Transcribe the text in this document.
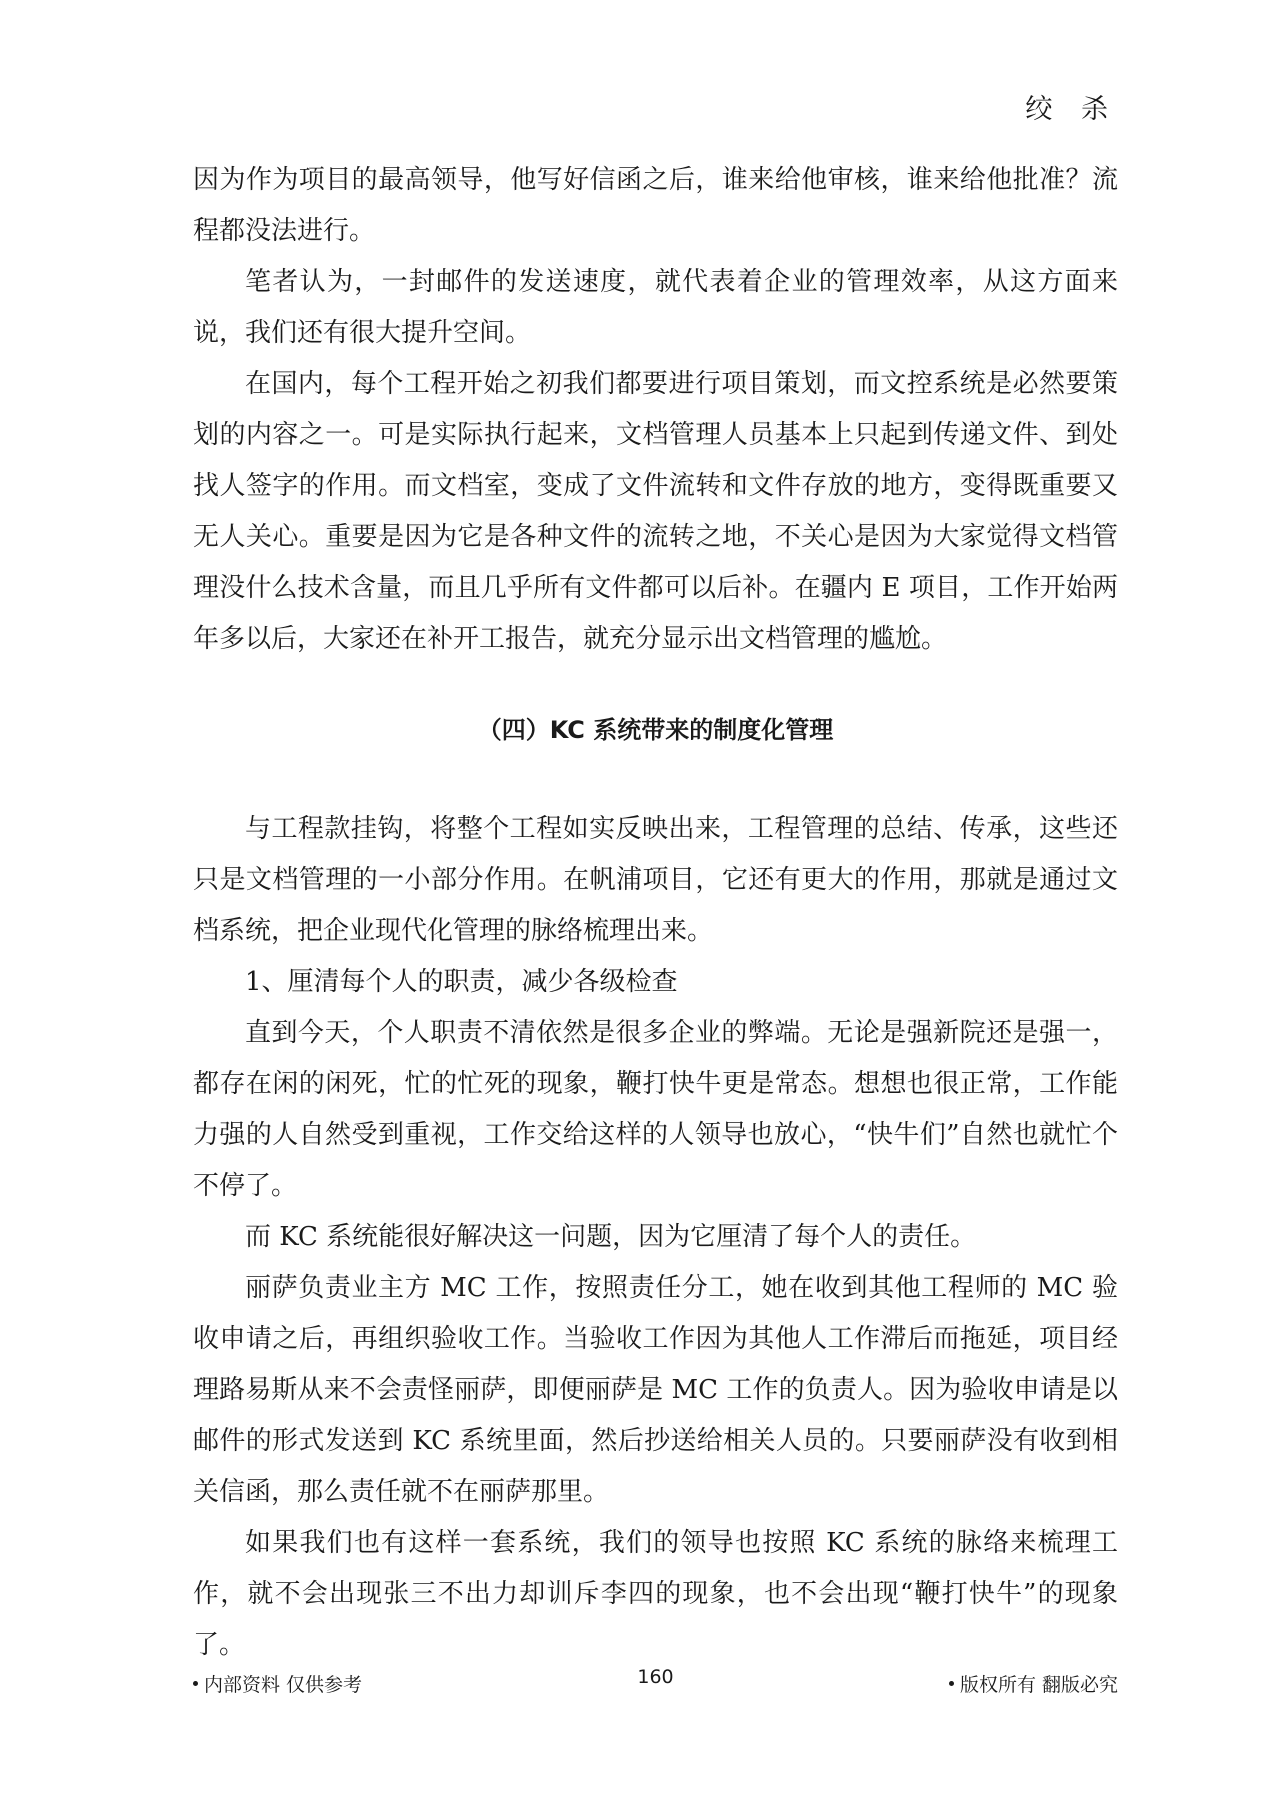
绞 杀

因为作为项目的最高领导，他写好信函之后，谁来给他审核，谁来给他批准？流程都没法进行。

笔者认为，一封邮件的发送速度，就代表着企业的管理效率，从这方面来说，我们还有很大提升空间。

在国内，每个工程开始之初我们都要进行项目策划，而文控系统是必然要策划的内容之一。可是实际执行起来，文档管理人员基本上只起到传递文件、到处找人签字的作用。而文档室，变成了文件流转和文件存放的地方，变得既重要又无人关心。重要是因为它是各种文件的流转之地，不关心是因为大家觉得文档管理没什么技术含量，而且几乎所有文件都可以后补。在疆内 E 项目，工作开始两年多以后，大家还在补开工报告，就充分显示出文档管理的尴尬。

（四）KC 系统带来的制度化管理

与工程款挂钩，将整个工程如实反映出来，工程管理的总结、传承，这些还只是文档管理的一小部分作用。在帆浦项目，它还有更大的作用，那就是通过文档系统，把企业现代化管理的脉络梳理出来。

1、厘清每个人的职责，减少各级检查

直到今天，个人职责不清依然是很多企业的弊端。无论是强新院还是强一，都存在闲的闲死，忙的忙死的现象，鞭打快牛更是常态。想想也很正常，工作能力强的人自然受到重视，工作交给这样的人领导也放心，“快牛们”自然也就忙个不停了。

而 KC 系统能很好解决这一问题，因为它厘清了每个人的责任。

丽萨负责业主方 MC 工作，按照责任分工，她在收到其他工程师的 MC 验收申请之后，再组织验收工作。当验收工作因为其他人工作滞后而拖延，项目经理路易斯从来不会责怪丽萨，即便丽萨是 MC 工作的负责人。因为验收申请是以邮件的形式发送到 KC 系统里面，然后抄送给相关人员的。只要丽萨没有收到相关信函，那么责任就不在丽萨那里。

如果我们也有这样一套系统，我们的领导也按照 KC 系统的脉络来梳理工作，就不会出现张三不出力却训斥李四的现象，也不会出现“鞭打快牛”的现象了。

内部资料 仅供参考	160	版权所有 翻版必究
